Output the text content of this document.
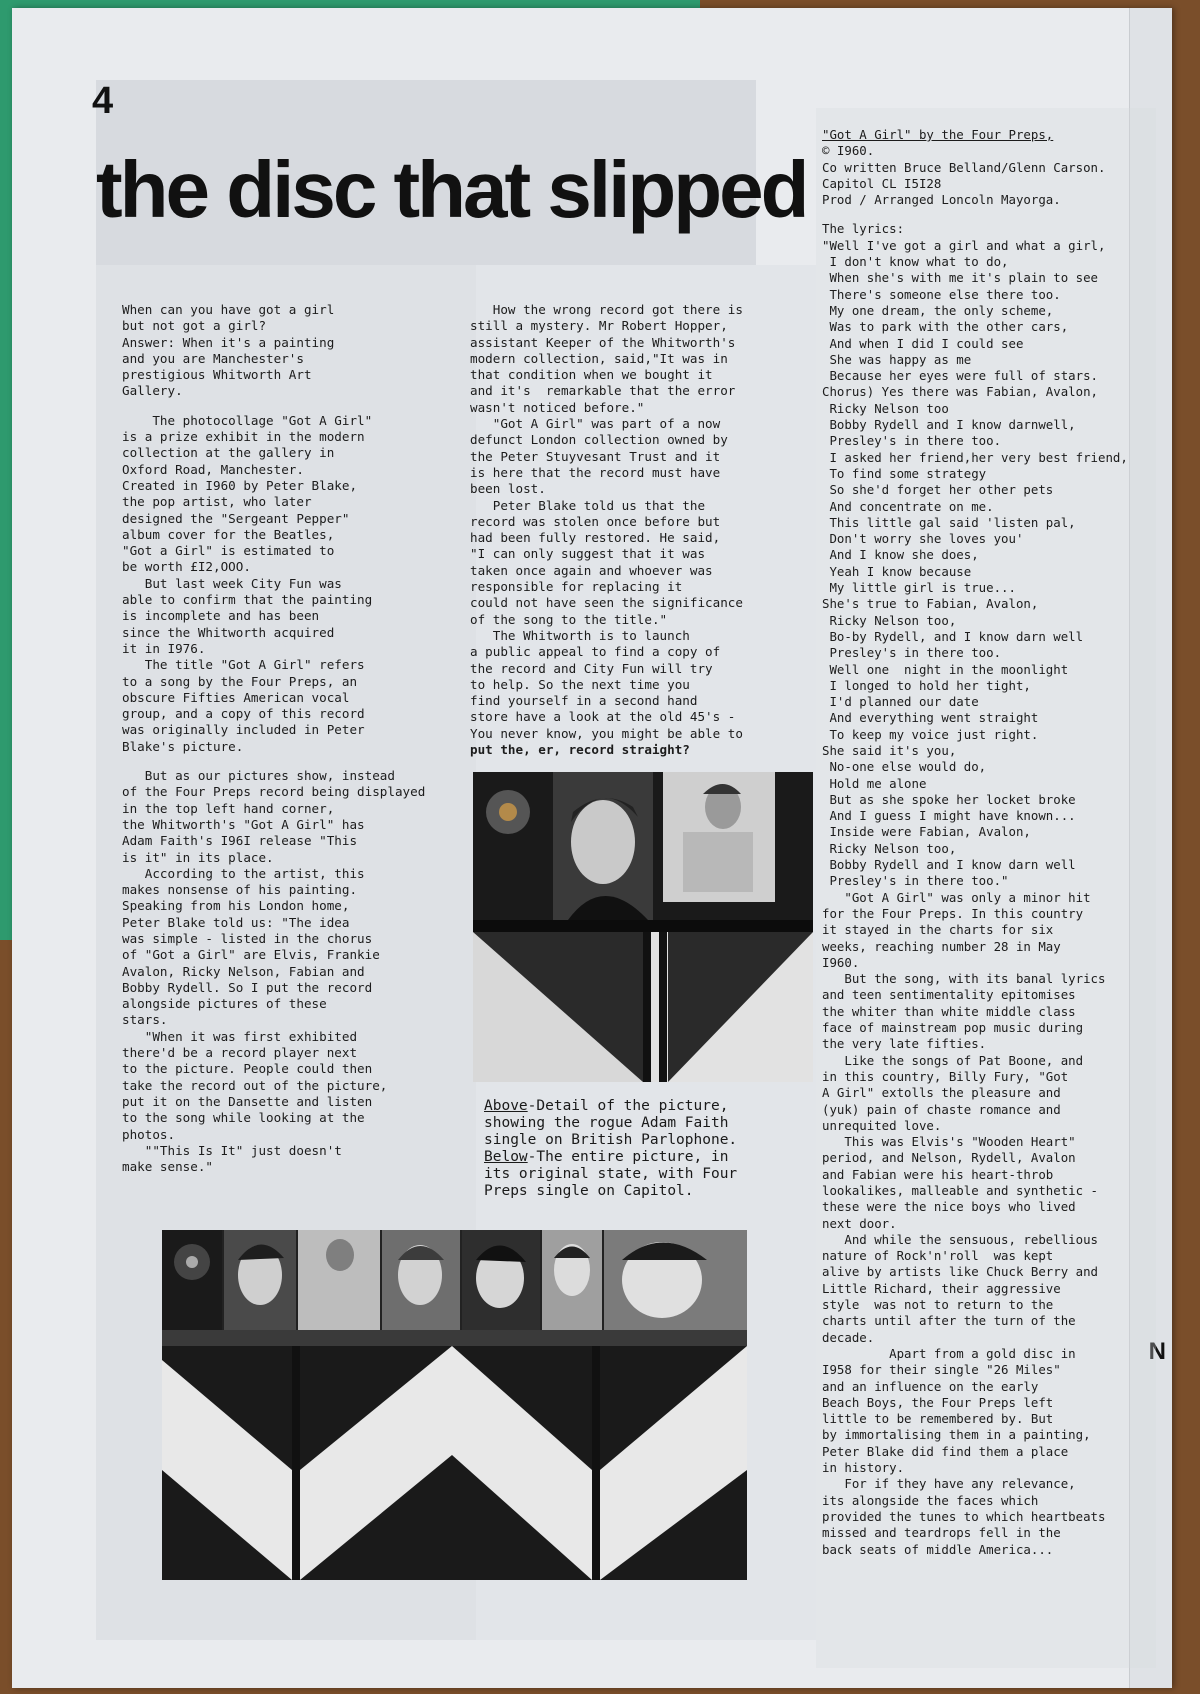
N
4
the disc that slipped

When can you have got a girl

but not got a girl?

Answer: When it's a painting

and you are Manchester's

prestigious Whitworth Art

Gallery.

The photocollage "Got A Girl"

is a prize exhibit in the modern

collection at the gallery in

Oxford Road, Manchester.

Created in I960 by Peter Blake,

the pop artist, who later

designed the "Sergeant Pepper"

album cover for the Beatles,

"Got a Girl" is estimated to

be worth £I2,OOO.

But last week City Fun was

able to confirm that the painting

is incomplete and has been

since the Whitworth acquired

it in I976.

The title "Got A Girl" refers

to a song by the Four Preps, an

obscure Fifties American vocal

group, and a copy of this record

was originally included in Peter

Blake's picture.

But as our pictures show, instead

of the Four Preps record being displayed

in the top left hand corner,

the Whitworth's "Got A Girl" has

Adam Faith's I96I release "This

is it" in its place.

According to the artist, this

makes nonsense of his painting.

Speaking from his London home,

Peter Blake told us: "The idea

was simple - listed in the chorus

of "Got a Girl" are Elvis, Frankie

Avalon, Ricky Nelson, Fabian and

Bobby Rydell. So I put the record

alongside pictures of these

stars.

"When it was first exhibited

there'd be a record player next

to the picture. People could then

take the record out of the picture,

put it on the Dansette and listen

to the song while looking at the

photos.

""This Is It" just doesn't

make sense."

How the wrong record got there is

still a mystery. Mr Robert Hopper,

assistant Keeper of the Whitworth's

modern collection, said,"It was in

that condition when we bought it

and it's  remarkable that the error

wasn't noticed before."

"Got A Girl" was part of a now

defunct London collection owned by

the Peter Stuyvesant Trust and it

is here that the record must have

been lost.

Peter Blake told us that the

record was stolen once before but

had been fully restored. He said,

"I can only suggest that it was

taken once again and whoever was

responsible for replacing it

could not have seen the significance

of the song to the title."

The Whitworth is to launch

a public appeal to find a copy of

the record and City Fun will try

to help. So the next time you

find yourself in a second hand

store have a look at the old 45's -

You never know, you might be able to

put the, er, record straight?

Above-Detail of the picture,

showing the rogue Adam Faith

single on British Parlophone.

Below-The entire picture, in

its original state, with Four

Preps single on Capitol.

"Got A Girl" by the Four Preps,

© I960.

Co written Bruce Belland/Glenn Carson.

Capitol CL I5I28

Prod / Arranged Loncoln Mayorga.

The lyrics:

"Well I've got a girl and what a girl,

I don't know what to do,

When she's with me it's plain to see

There's someone else there too.

My one dream, the only scheme,

Was to park with the other cars,

And when I did I could see

She was happy as me

Because her eyes were full of stars.

Chorus) Yes there was Fabian, Avalon,

Ricky Nelson too

Bobby Rydell and I know darnwell,

Presley's in there too.

I asked her friend,her very best friend,

To find some strategy

So she'd forget her other pets

And concentrate on me.

This little gal said 'listen pal,

Don't worry she loves you'

And I know she does,

Yeah I know because

My little girl is true...

She's true to Fabian, Avalon,

Ricky Nelson too,

Bo-by Rydell, and I know darn well

Presley's in there too.

Well one  night in the moonlight

I longed to hold her tight,

I'd planned our date

And everything went straight

To keep my voice just right.

She said it's you,

No-one else would do,

Hold me alone

But as she spoke her locket broke

And I guess I might have known...

Inside were Fabian, Avalon,

Ricky Nelson too,

Bobby Rydell and I know darn well

Presley's in there too."

"Got A Girl" was only a minor hit

for the Four Preps. In this country

it stayed in the charts for six

weeks, reaching number 28 in May

I960.

But the song, with its banal lyrics

and teen sentimentality epitomises

the whiter than white middle class

face of mainstream pop music during

the very late fifties.

Like the songs of Pat Boone, and

in this country, Billy Fury, "Got

A Girl" extolls the pleasure and

(yuk) pain of chaste romance and

unrequited love.

This was Elvis's "Wooden Heart"

period, and Nelson, Rydell, Avalon

and Fabian were his heart-throb

lookalikes, malleable and synthetic -

these were the nice boys who lived

next door.

And while the sensuous, rebellious

nature of Rock'n'roll  was kept

alive by artists like Chuck Berry and

Little Richard, their aggressive

style  was not to return to the

charts until after the turn of the

decade.

Apart from a gold disc in

I958 for their single "26 Miles"

and an influence on the early

Beach Boys, the Four Preps left

little to be remembered by. But

by immortalising them in a painting,

Peter Blake did find them a place

in history.

For if they have any relevance,

its alongside the faces which

provided the tunes to which heartbeats

missed and teardrops fell in the

back seats of middle America...
